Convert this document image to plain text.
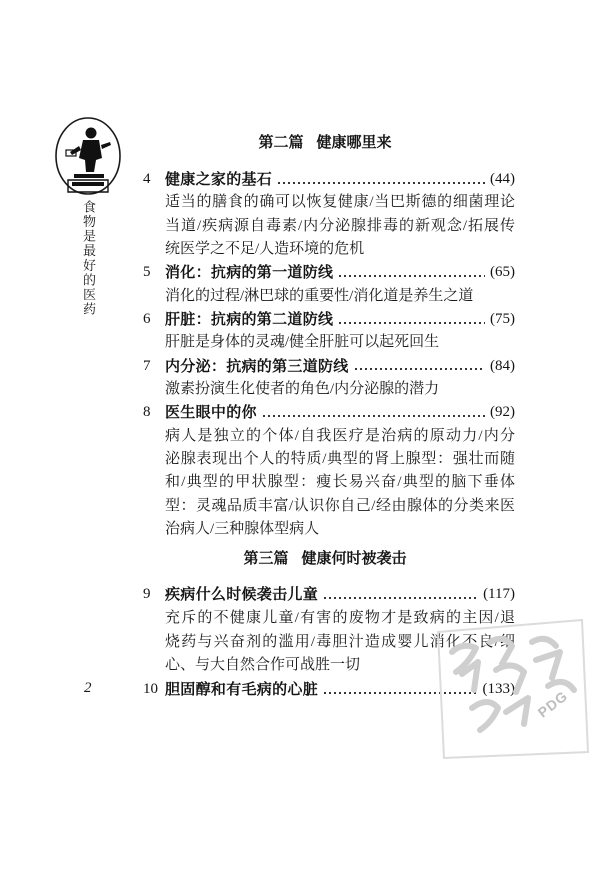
食物是最好的医药
2
第二篇 健康哪里来
4 健康之家的基石	(44)
适当的膳食的确可以恢复健康/当巴斯德的细菌理论
当道/疾病源自毒素/内分泌腺排毒的新观念/拓展传
统医学之不足/人造环境的危机
5 消化：抗病的第一道防线	(65)
消化的过程/淋巴球的重要性/消化道是养生之道
6 肝脏：抗病的第二道防线	(75)
肝脏是身体的灵魂/健全肝脏可以起死回生
7 内分泌：抗病的第三道防线	(84)
激素扮演生化使者的角色/内分泌腺的潜力
8 医生眼中的你	(92)
病人是独立的个体/自我医疗是治病的原动力/内分
泌腺表现出个人的特质/典型的肾上腺型：强壮而随
和/典型的甲状腺型：瘦长易兴奋/典型的脑下垂体
型：灵魂品质丰富/认识你自己/经由腺体的分类来医
治病人/三种腺体型病人
第三篇 健康何时被袭击
9 疾病什么时候袭击儿童	(117)
充斥的不健康儿童/有害的废物才是致病的主因/退
烧药与兴奋剂的滥用/毒胆汁造成婴儿消化不良/细
心、与大自然合作可战胜一切
10 胆固醇和有毛病的心脏	(133) PDG
